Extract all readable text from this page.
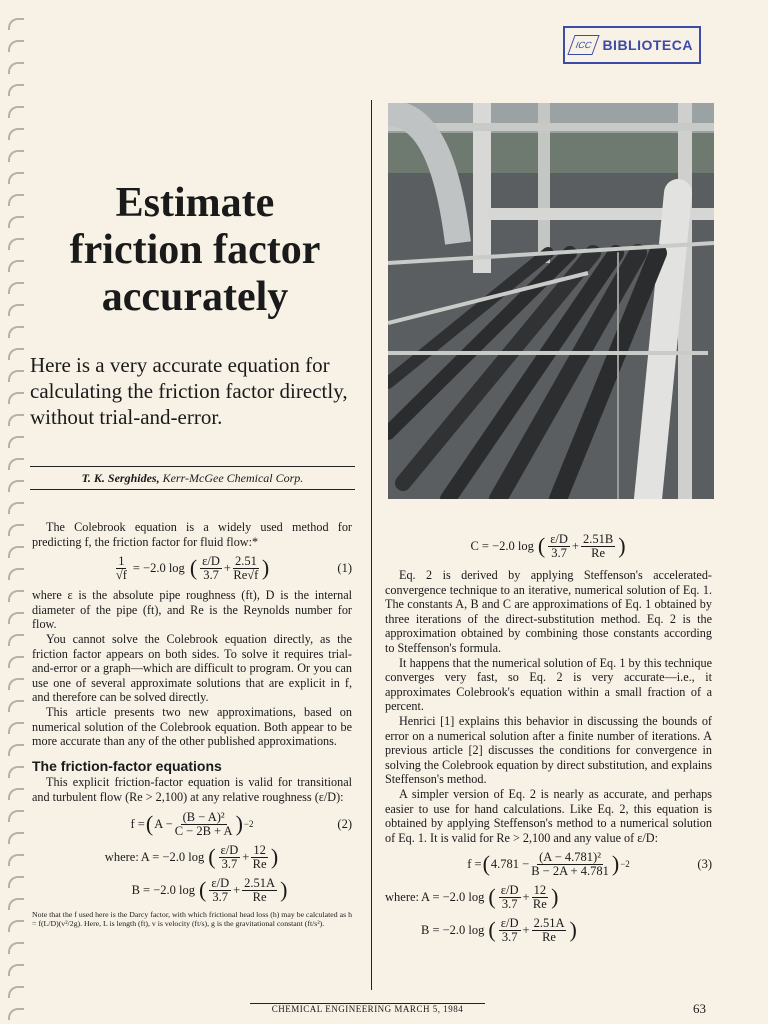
ICC BIBLIOTECA
Estimate
friction factor
accurately
Here is a very accurate equation for calculating the friction factor directly, without trial-and-error.
T. K. Serghides, Kerr-McGee Chemical Corp.

The Colebrook equation is a widely used method for predicting f, the friction factor for fluid flow:*

$\frac{1}{√f} = -2.0$ log ( $\frac{\varepsilon/D}{3.7} + \frac{2.51}{Re√f}$ )	(1)

where ε is the absolute pipe roughness (ft), D is the internal diameter of the pipe (ft), and Re is the Reynolds number for flow.

You cannot solve the Colebrook equation directly, as the friction factor appears on both sides. To solve it requires trial-and-error or a graph—which are difficult to program. Or you can use one of several approximate solutions that are explicit in f, and therefore can be solved directly.

This article presents two new approximations, based on numerical solution of the Colebrook equation. Both appear to be more accurate than any of the other published approximations.

The friction-factor equations

This explicit friction-factor equation is valid for transitional and turbulent flow (Re > 2,100) at any relative roughness (ε/D):

f = ( $A - \frac{\text{(B − A)²}}{C - 2B + A}$ ) −2	(2)
where: A = −2.0 log ( $\frac{\varepsilon/D}{3.7} + \frac{12}{Re}$ )
B = −2.0 log ( $\frac{\varepsilon/D}{3.7} + \frac{2.51A}{Re}$ )
Note that the f used here is the Darcy factor, with which frictional head loss (h) may be calculated as h = f(L/D)(v²/2g). Here, L is length (ft), v is velocity (ft/s), g is the gravitational constant (ft/s²).
C = −2.0 log ( $\frac{\varepsilon/D}{3.7} + \frac{2.51B}{Re}$ )

Eq. 2 is derived by applying Steffenson's accelerated-convergence technique to an iterative, numerical solution of Eq. 1. The constants A, B and C are approximations of Eq. 1 obtained by three iterations of the direct-substitution method. Eq. 2 is the approximation obtained by combining those constants according to Steffenson's formula.

It happens that the numerical solution of Eq. 1 by this technique converges very fast, so Eq. 2 is very accurate—i.e., it approximates Colebrook's equation within a small fraction of a percent.

Henrici [1] explains this behavior in discussing the bounds of error on a numerical solution after a finite number of iterations. A previous article [2] discusses the conditions for convergence in solving the Colebrook equation by direct substitution, and explains Steffenson's method.

A simpler version of Eq. 2 is nearly as accurate, and perhaps easier to use for hand calculations. Like Eq. 2, this equation is obtained by applying Steffenson's method to a numerical solution of Eq. 1. It is valid for Re > 2,100 and any value of ε/D:

f = ( $4.781 - \frac{\text{(A − 4.781)²}}{B - 2A + 4.781}$ ) −2	(3)
where: A = −2.0 log ( $\frac{\varepsilon/D}{3.7} + \frac{12}{Re}$ )
B = −2.0 log ( $\frac{\varepsilon/D}{3.7} + \frac{2.51A}{Re}$ )
CHEMICAL ENGINEERING MARCH 5, 1984	63
